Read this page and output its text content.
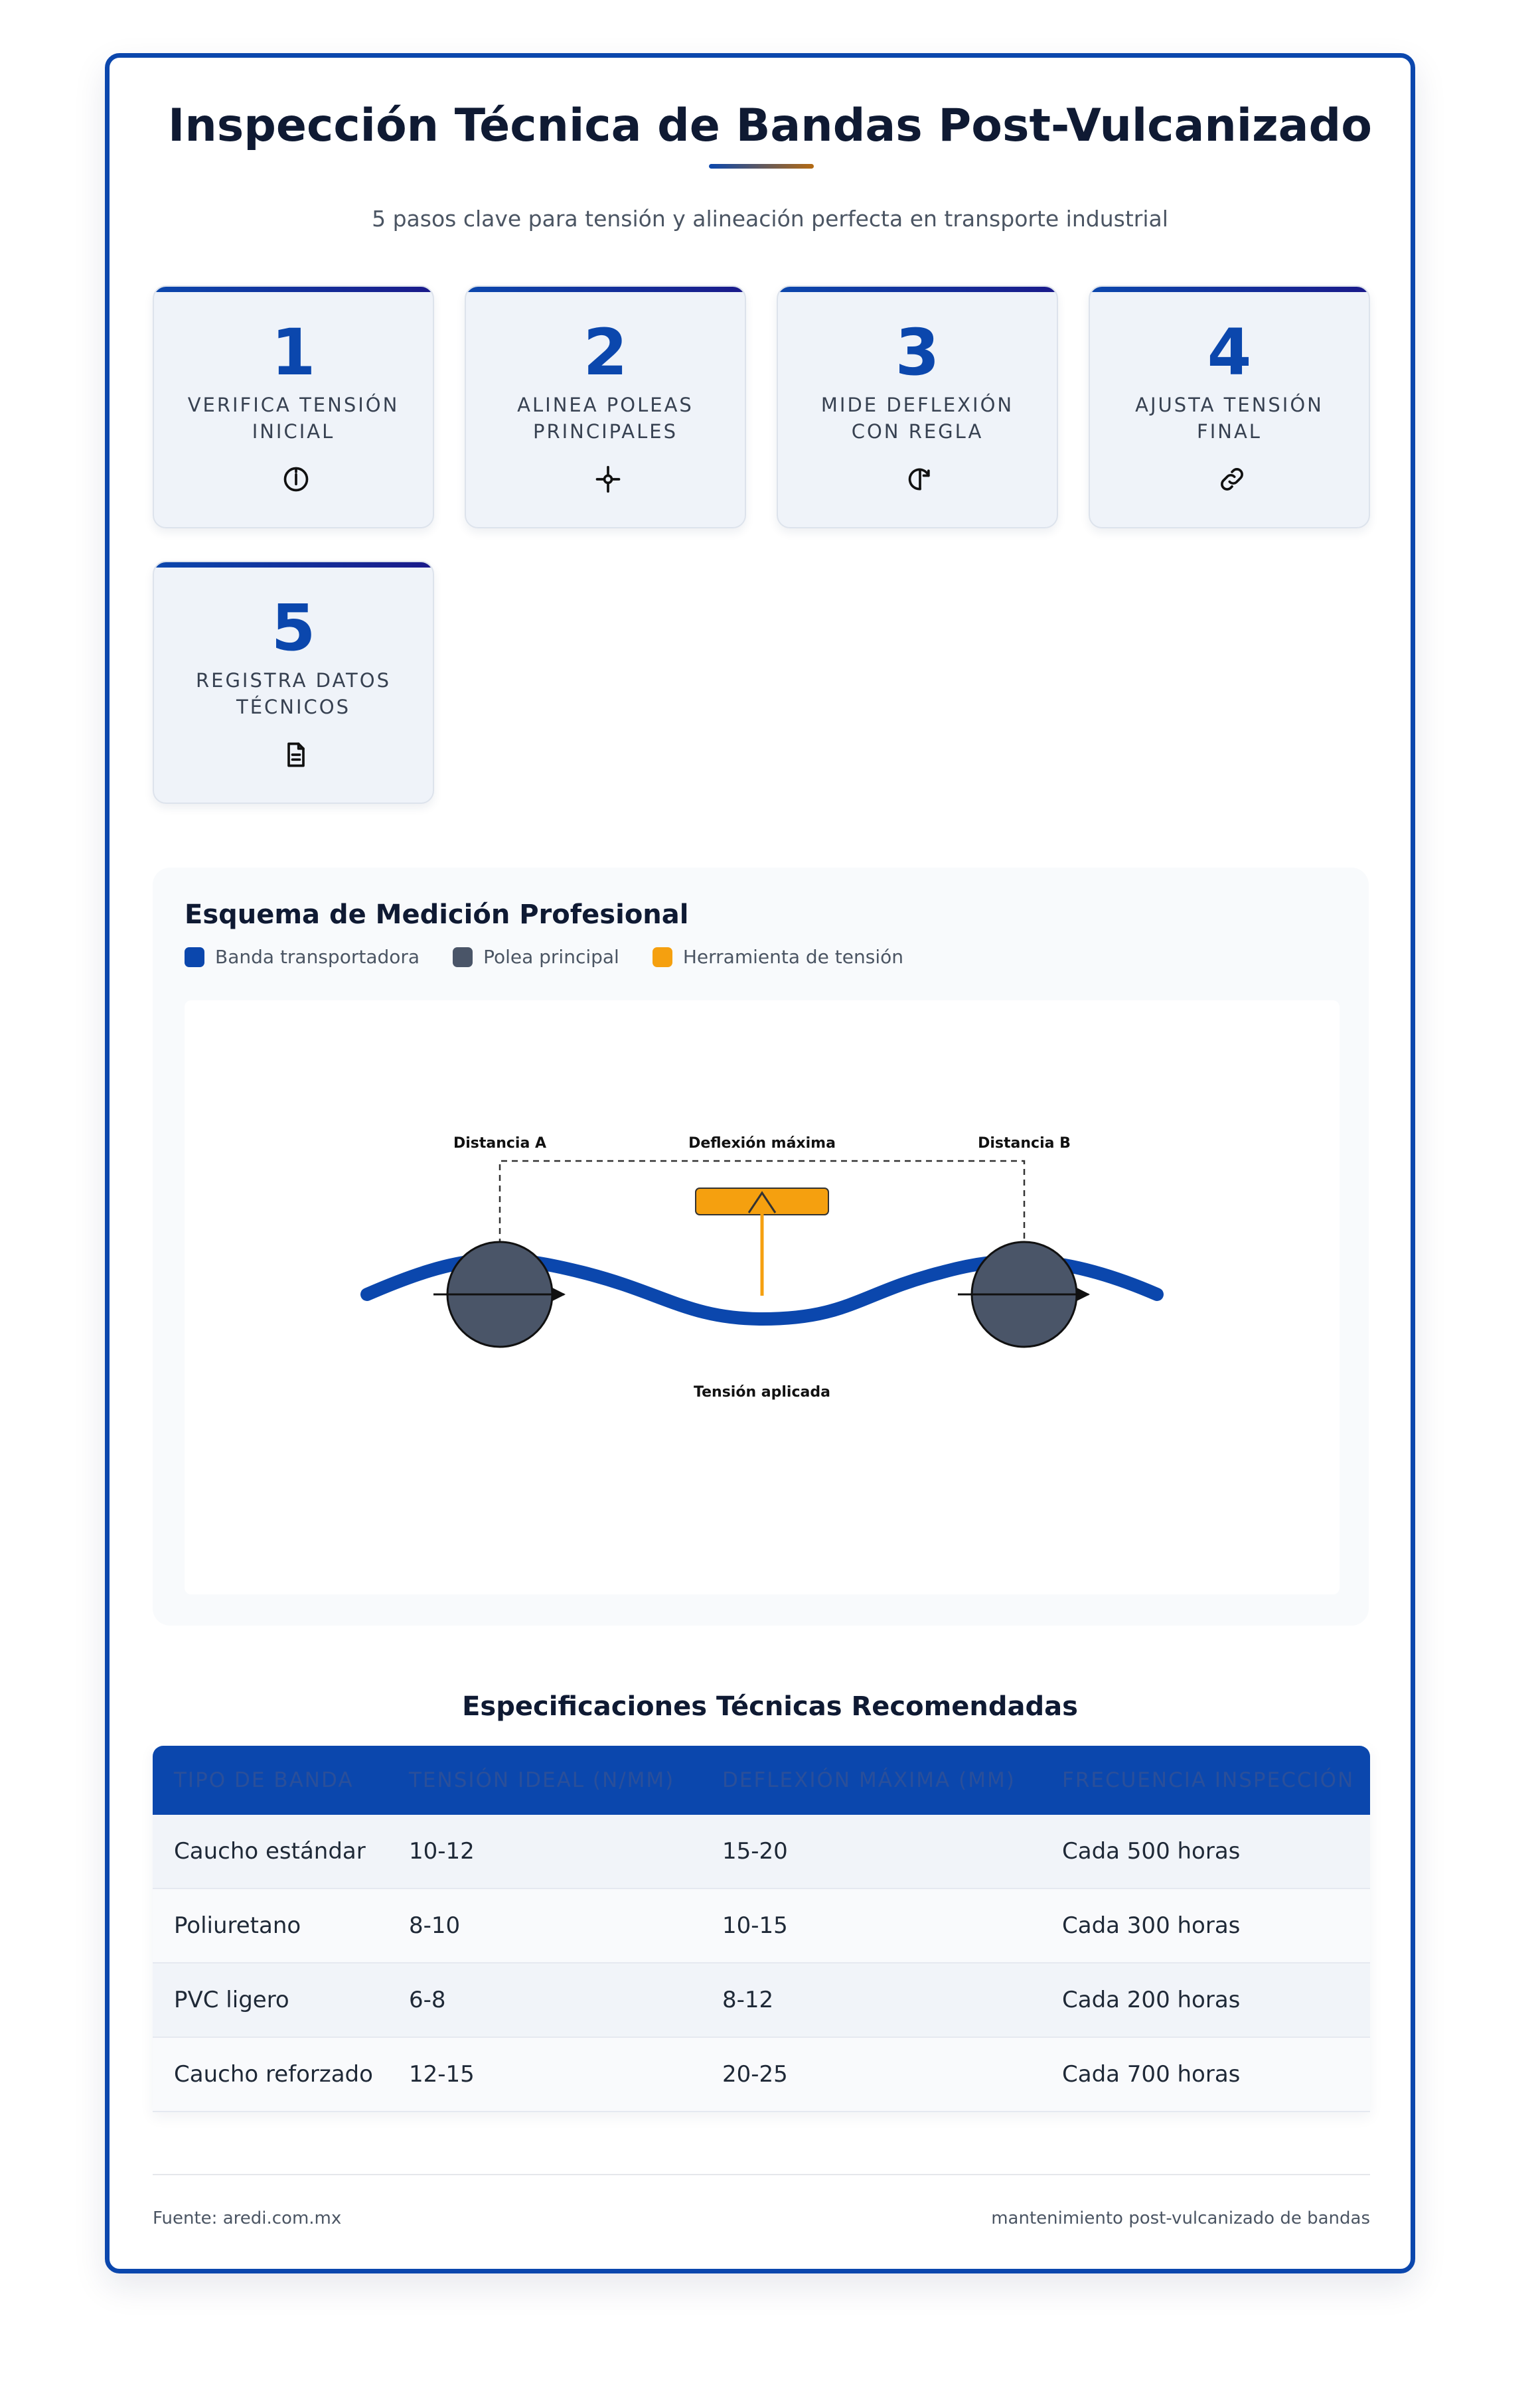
Inspección Técnica de Bandas Post-Vulcanizado
5 pasos clave para tensión y alineación perfecta en transporte industrial
1
VERIFICA TENSIÓN INICIAL
2
ALINEA POLEAS PRINCIPALES
3
MIDE DEFLEXIÓN CON REGLA
4
AJUSTA TENSIÓN FINAL
5
REGISTRA DATOS TÉCNICOS
Esquema de Medición Profesional
Banda transportadora	Polea principal	Herramienta de tensión
Distancia A	Deflexión máxima	Distancia B
Tensión aplicada
Especificaciones Técnicas Recomendadas
TIPO DE BANDA	TENSIÓN IDEAL (N/MM)	DEFLEXIÓN MÁXIMA (MM)	FRECUENCIA INSPECCIÓN
Caucho estándar	10-12	15-20	Cada 500 horas
Poliuretano	8-10	10-15	Cada 300 horas
PVC ligero	6-8	8-12	Cada 200 horas
Caucho reforzado	12-15	20-25	Cada 700 horas
Fuente: aredi.com.mx	mantenimiento post-vulcanizado de bandas
